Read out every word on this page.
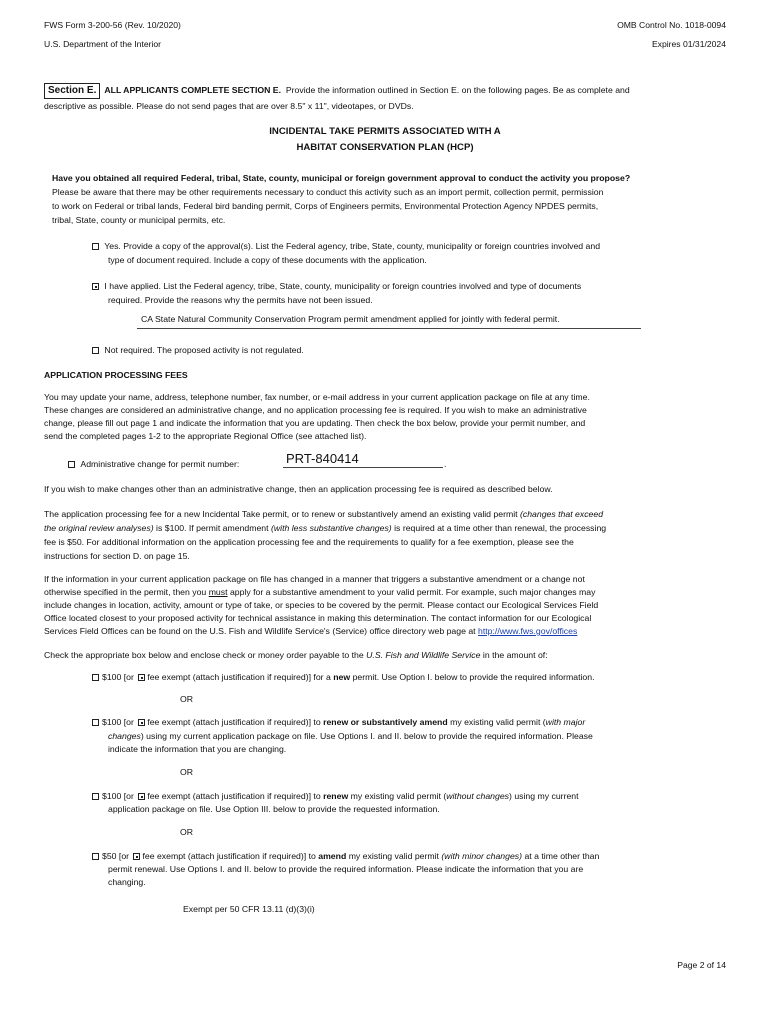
FWS Form 3-200-56 (Rev. 10/2020)
U.S. Department of the Interior
OMB Control No. 1018-0094
Expires 01/31/2024
Section E. ALL APPLICANTS COMPLETE SECTION E. Provide the information outlined in Section E. on the following pages. Be as complete and
descriptive as possible. Please do not send pages that are over 8.5" x 11", videotapes, or DVDs.
INCIDENTAL TAKE PERMITS ASSOCIATED WITH A
HABITAT CONSERVATION PLAN (HCP)
Have you obtained all required Federal, tribal, State, county, municipal or foreign government approval to conduct the activity you propose?
Please be aware that there may be other requirements necessary to conduct this activity such as an import permit, collection permit, permission
to work on Federal or tribal lands, Federal bird banding permit, Corps of Engineers permits, Environmental Protection Agency NPDES permits,
tribal, State, county or municipal permits, etc.
Yes. Provide a copy of the approval(s). List the Federal agency, tribe, State, county, municipality or foreign countries involved and
type of document required. Include a copy of these documents with the application.
I have applied. List the Federal agency, tribe, State, county, municipality or foreign countries involved and type of documents
required. Provide the reasons why the permits have not been issued.
CA State Natural Community Conservation Program permit amendment applied for jointly with federal permit.
Not required. The proposed activity is not regulated.
APPLICATION PROCESSING FEES
You may update your name, address, telephone number, fax number, or e-mail address in your current application package on file at any time.
These changes are considered an administrative change, and no application processing fee is required. If you wish to make an administrative
change, please fill out page 1 and indicate the information that you are updating. Then check the box below, provide your permit number, and
send the completed pages 1-2 to the appropriate Regional Office (see attached list).
Administrative change for permit number:	PRT-840414	.
If you wish to make changes other than an administrative change, then an application processing fee is required as described below.
The application processing fee for a new Incidental Take permit, or to renew or substantively amend an existing valid permit (changes that exceed
the original review analyses) is $100. If permit amendment (with less substantive changes) is required at a time other than renewal, the processing
fee is $50. For additional information on the application processing fee and the requirements to qualify for a fee exemption, please see the
instructions for section D. on page 15.
If the information in your current application package on file has changed in a manner that triggers a substantive amendment or a change not
otherwise specified in the permit, then you must apply for a substantive amendment to your valid permit. For example, such major changes may
include changes in location, activity, amount or type of take, or species to be covered by the permit. Please contact our Ecological Services Field
Office located closest to your proposed activity for technical assistance in making this determination. The contact information for our Ecological
Services Field Offices can be found on the U.S. Fish and Wildlife Service's (Service) office directory web page at http://www.fws.gov/offices
Check the appropriate box below and enclose check or money order payable to the U.S. Fish and Wildlife Service in the amount of:
$100 [or fee exempt (attach justification if required)] for a new permit. Use Option I. below to provide the required information.
OR
$100 [or fee exempt (attach justification if required)] to renew or substantively amend my existing valid permit (with major
changes) using my current application package on file. Use Options I. and II. below to provide the required information. Please
indicate the information that you are changing.
OR
$100 [or fee exempt (attach justification if required)] to renew my existing valid permit (without changes) using my current
application package on file. Use Option III. below to provide the requested information.
OR
$50 [or fee exempt (attach justification if required)] to amend my existing valid permit (with minor changes) at a time other than
permit renewal. Use Options I. and II. below to provide the required information. Please indicate the information that you are
changing.
Exempt per 50 CFR 13.11 (d)(3)(i)
Page 2 of 14
